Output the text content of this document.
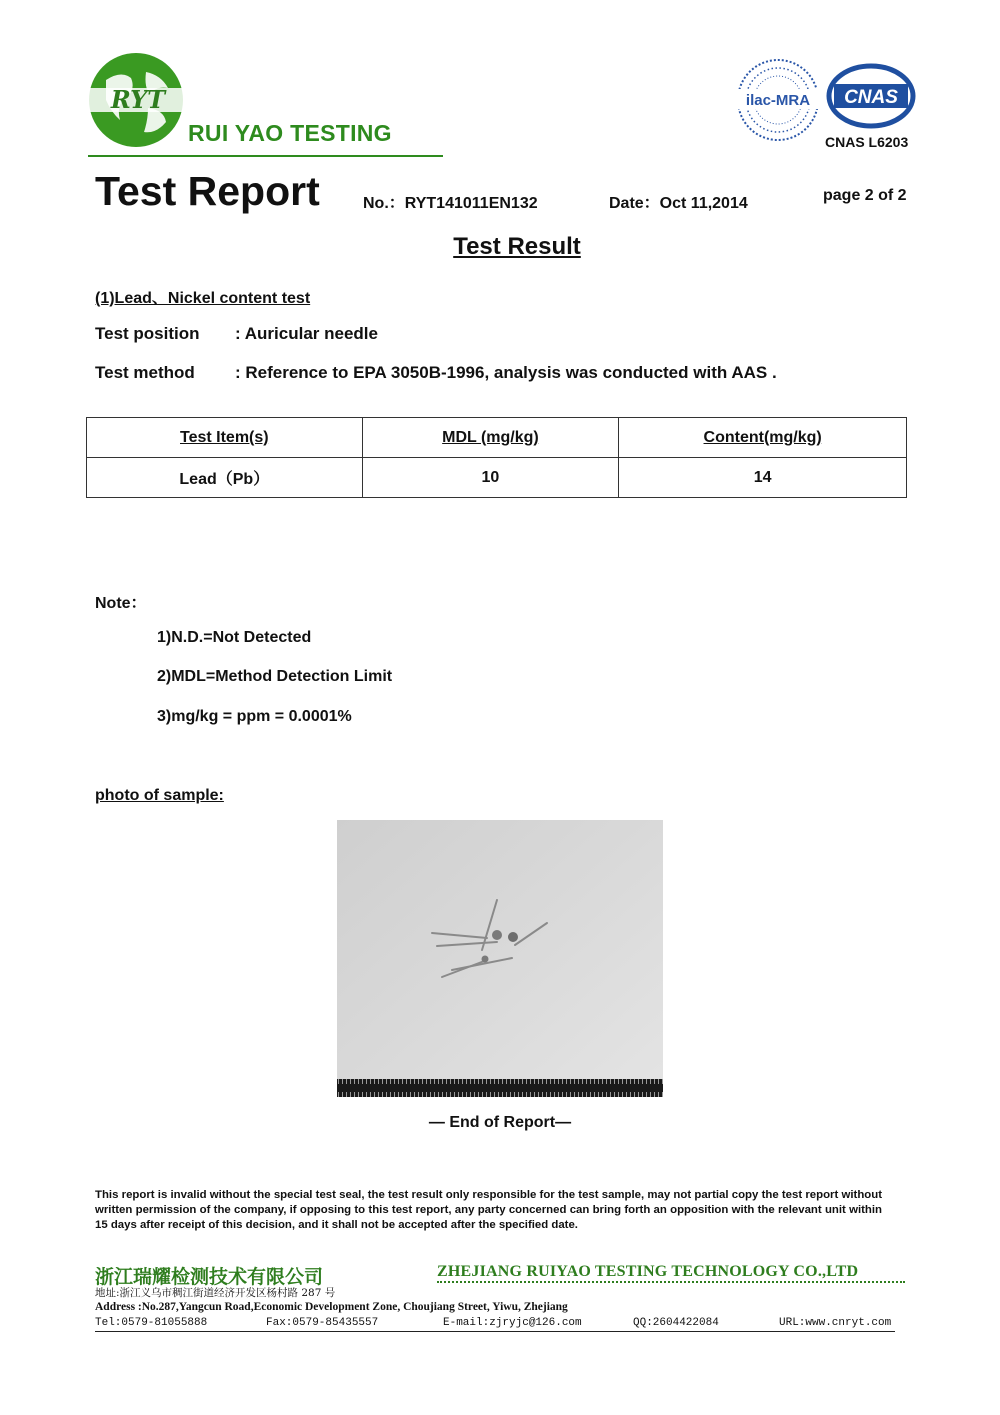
RYT
RUI YAO TESTING
ilac-MRA CNAS
CNAS L6203
Test Report	No.：RYT141011EN132	Date：Oct 11,2014	page 2 of 2
Test Result
(1)Lead、Nickel content test
Test position : Auricular needle
Test method : Reference to EPA 3050B-1996, analysis was conducted with AAS .
Test Item(s)	MDL (mg/kg)	Content(mg/kg)
Lead（Pb）	10	14
Note：
1)N.D.=Not Detected
2)MDL=Method Detection Limit
3)mg/kg = ppm = 0.0001%
photo of sample:
— End of Report—
This report is invalid without the special test seal, the test result only responsible for the test sample, may not partial copy the test report without written permission of the company, if opposing to this test report, any party concerned can bring forth an opposition with the relevant unit within 15 days after receipt of this decision, and it shall not be accepted after the specified date.
浙江瑞耀检测技术有限公司	ZHEJIANG RUIYAO TESTING TECHNOLOGY CO.,LTD
地址:浙江义乌市稠江街道经济开发区杨村路 287 号
Address :No.287,Yangcun Road,Economic Development Zone, Choujiang Street, Yiwu, Zhejiang
Tel:0579-81055888	Fax:0579-85435557	E-mail:zjryjc@126.com	QQ:2604422084	URL:www.cnryt.com
